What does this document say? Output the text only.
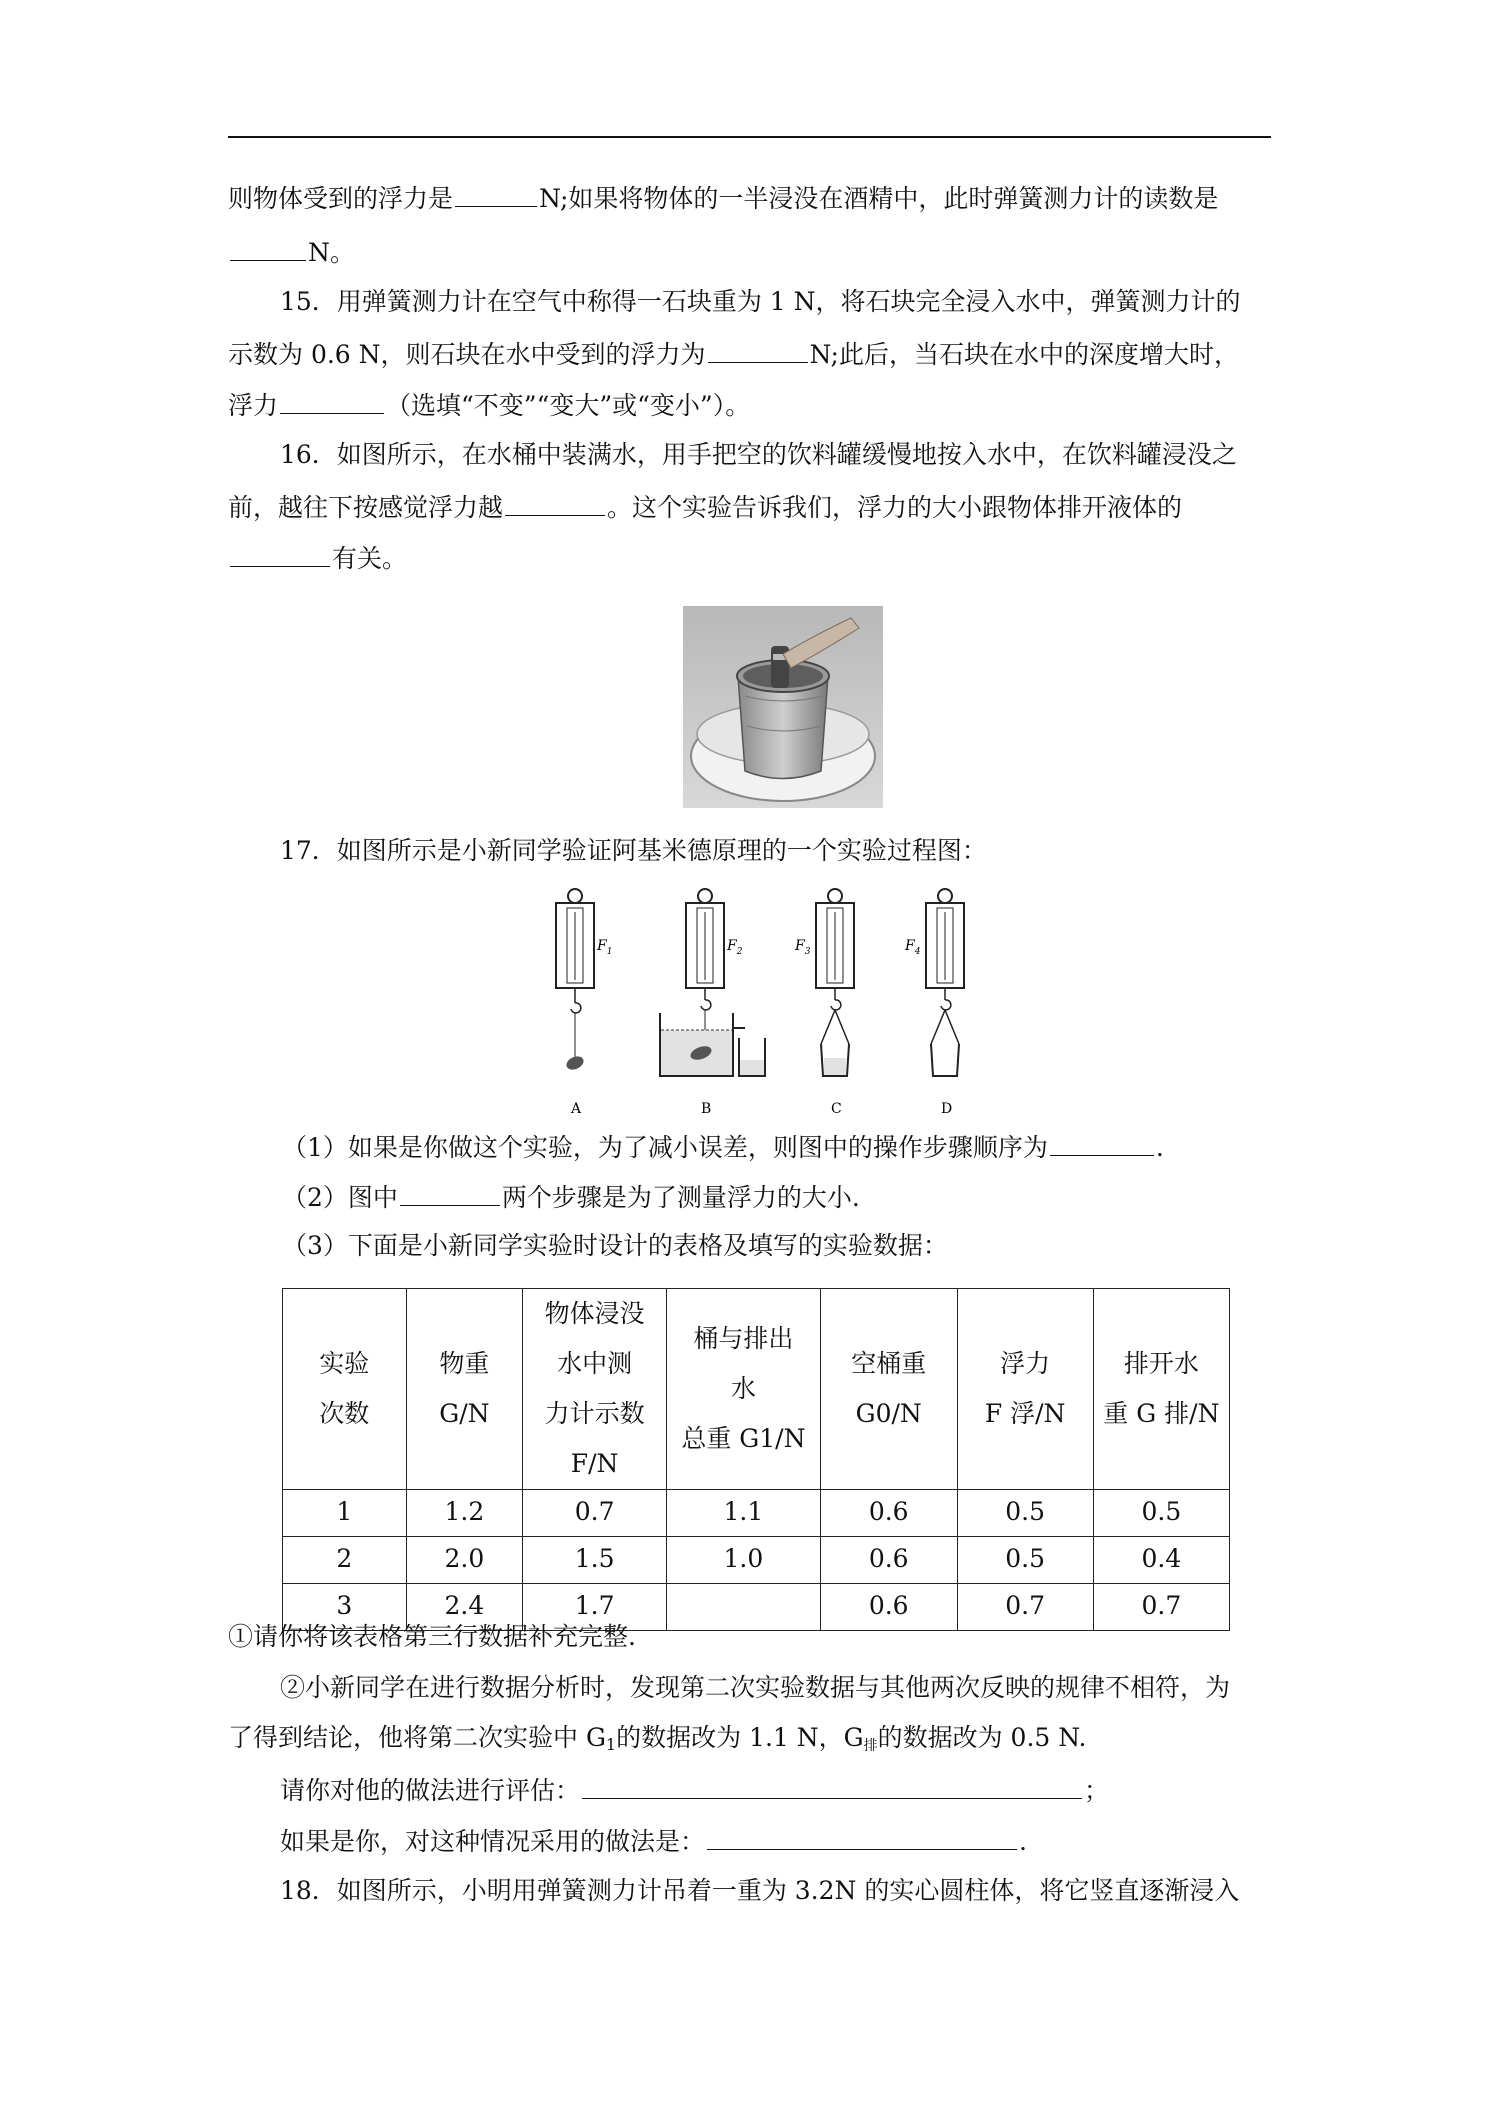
则物体受到的浮力是	N;如果将物体的一半浸没在酒精中，此时弹簧测力计的读数是
N。
15．用弹簧测力计在空气中称得一石块重为 1 N，将石块完全浸入水中，弹簧测力计的
示数为 0.6 N，则石块在水中受到的浮力为	N;此后，当石块在水中的深度增大时，
浮力	（选填“不变”“变大”或“变小”）。
16．如图所示，在水桶中装满水，用手把空的饮料罐缓慢地按入水中，在饮料罐浸没之
前，越往下按感觉浮力越	。这个实验告诉我们，浮力的大小跟物体排开液体的
有关。
17．如图所示是小新同学验证阿基米德原理的一个实验过程图：
$F_1$
A
$F_2$
B
$F_3$
C
$F_4$
D
（1）如果是你做这个实验，为了减小误差，则图中的操作步骤顺序为	.
（2）图中	两个步骤是为了测量浮力的大小.
（3）下面是小新同学实验时设计的表格及填写的实验数据：
实验
次数	物重
G/N	物体浸没
水中测
力计示数
F/N	桶与排出
水
总重 G1/N	空桶重
G0/N	浮力
F 浮/N	排开水
重 G 排/N
1	1.2	0.7	1.1	0.6	0.5	0.5
2	2.0	1.5	1.0	0.6	0.5	0.4
3	2.4	1.7		0.6	0.7	0.7
①请你将该表格第三行数据补充完整.
②小新同学在进行数据分析时，发现第二次实验数据与其他两次反映的规律不相符，为
了得到结论，他将第二次实验中 G1的数据改为 1.1 N，G排的数据改为 0.5 N.
请你对他的做法进行评估：	；
如果是你，对这种情况采用的做法是：	.
18．如图所示，小明用弹簧测力计吊着一重为 3.2N 的实心圆柱体，将它竖直逐渐浸入
